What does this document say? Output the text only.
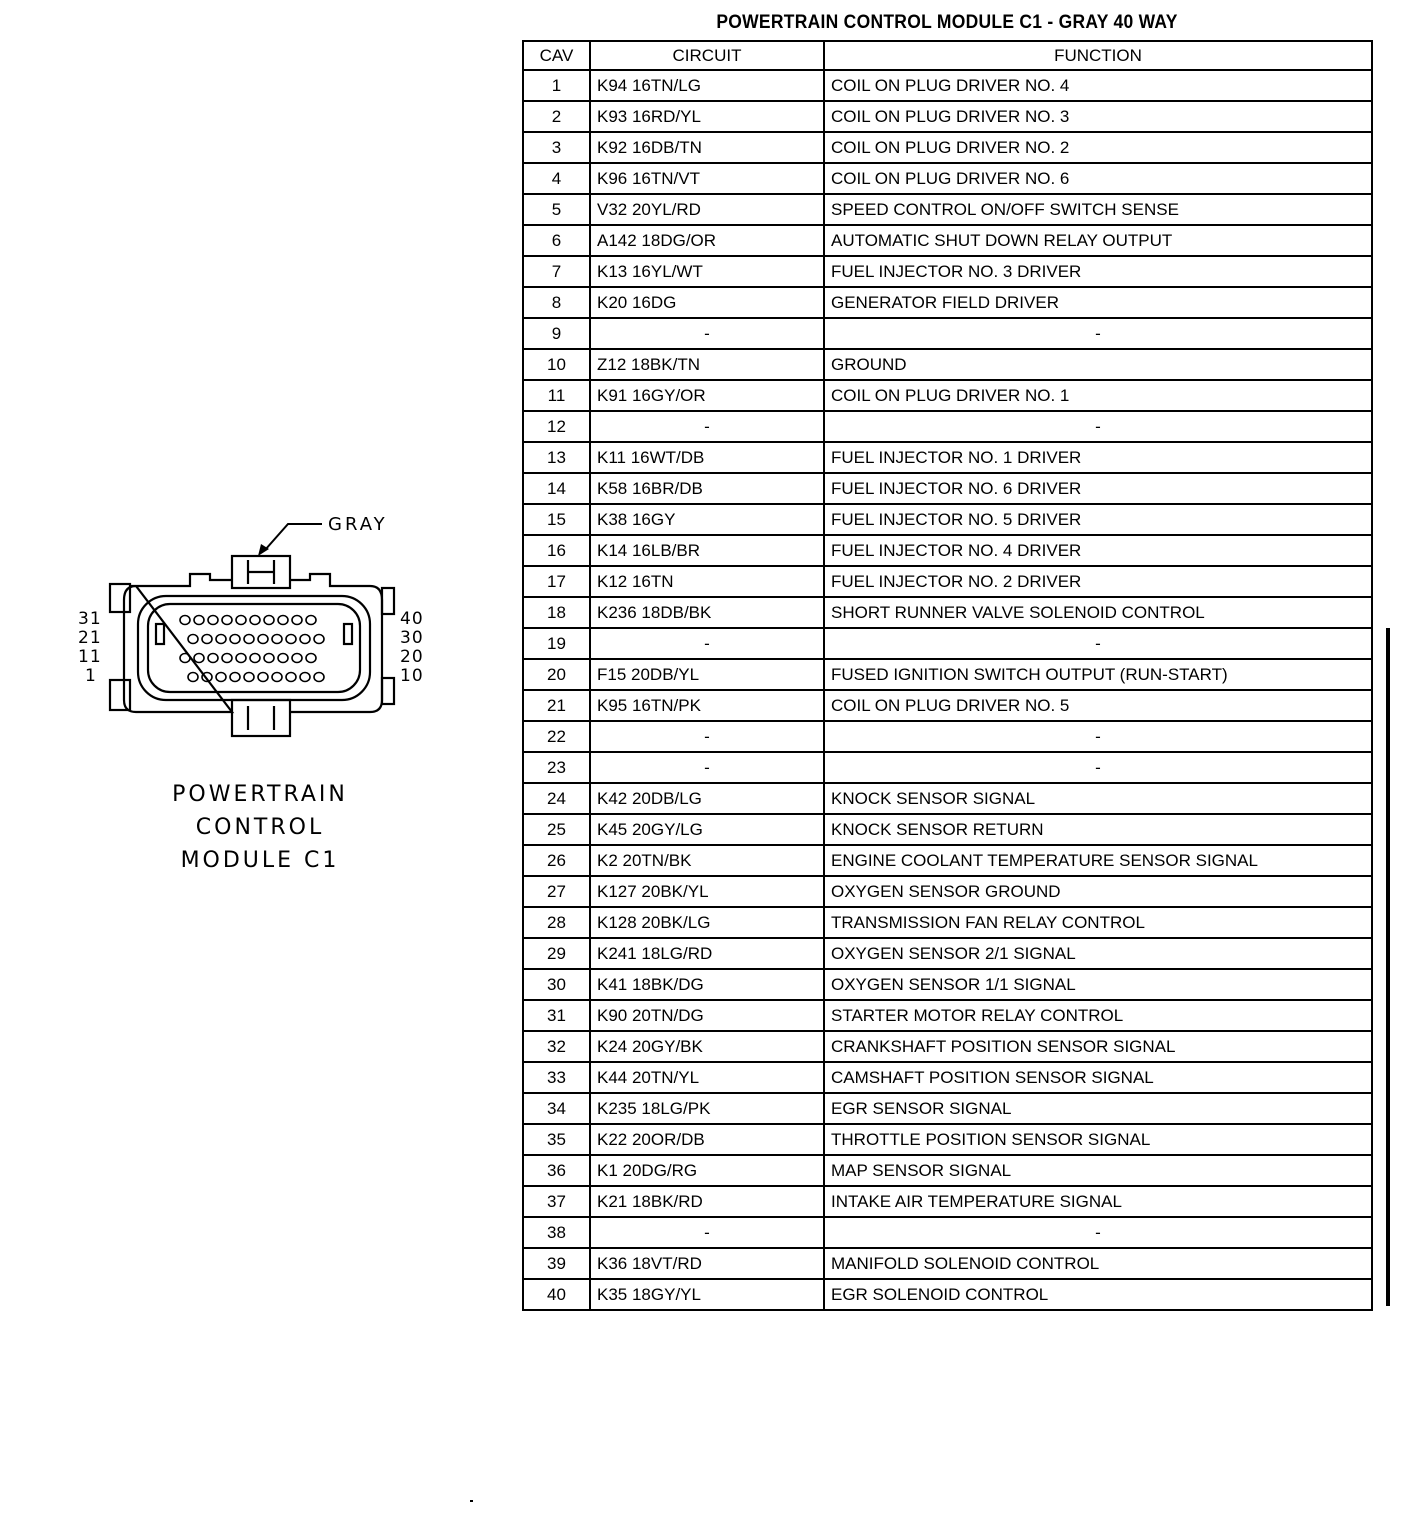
GRAY
31
21
11
1
40
30
20
10
POWERTRAIN
CONTROL
MODULE C1
POWERTRAIN CONTROL MODULE C1 - GRAY 40 WAY
CAV	CIRCUIT	FUNCTION
1	K94 16TN/LG	COIL ON PLUG DRIVER NO. 4
2	K93 16RD/YL	COIL ON PLUG DRIVER NO. 3
3	K92 16DB/TN	COIL ON PLUG DRIVER NO. 2
4	K96 16TN/VT	COIL ON PLUG DRIVER NO. 6
5	V32 20YL/RD	SPEED CONTROL ON/OFF SWITCH SENSE
6	A142 18DG/OR	AUTOMATIC SHUT DOWN RELAY OUTPUT
7	K13 16YL/WT	FUEL INJECTOR NO. 3 DRIVER
8	K20 16DG	GENERATOR FIELD DRIVER
9	-	-
10	Z12 18BK/TN	GROUND
11	K91 16GY/OR	COIL ON PLUG DRIVER NO. 1
12	-	-
13	K11 16WT/DB	FUEL INJECTOR NO. 1 DRIVER
14	K58 16BR/DB	FUEL INJECTOR NO. 6 DRIVER
15	K38 16GY	FUEL INJECTOR NO. 5 DRIVER
16	K14 16LB/BR	FUEL INJECTOR NO. 4 DRIVER
17	K12 16TN	FUEL INJECTOR NO. 2 DRIVER
18	K236 18DB/BK	SHORT RUNNER VALVE SOLENOID CONTROL
19	-	-
20	F15 20DB/YL	FUSED IGNITION SWITCH OUTPUT (RUN-START)
21	K95 16TN/PK	COIL ON PLUG DRIVER NO. 5
22	-	-
23	-	-
24	K42 20DB/LG	KNOCK SENSOR SIGNAL
25	K45 20GY/LG	KNOCK SENSOR RETURN
26	K2 20TN/BK	ENGINE COOLANT TEMPERATURE SENSOR SIGNAL
27	K127 20BK/YL	OXYGEN SENSOR GROUND
28	K128 20BK/LG	TRANSMISSION FAN RELAY CONTROL
29	K241 18LG/RD	OXYGEN SENSOR 2/1 SIGNAL
30	K41 18BK/DG	OXYGEN SENSOR 1/1 SIGNAL
31	K90 20TN/DG	STARTER MOTOR RELAY CONTROL
32	K24 20GY/BK	CRANKSHAFT POSITION SENSOR SIGNAL
33	K44 20TN/YL	CAMSHAFT POSITION SENSOR SIGNAL
34	K235 18LG/PK	EGR SENSOR SIGNAL
35	K22 20OR/DB	THROTTLE POSITION SENSOR SIGNAL
36	K1 20DG/RG	MAP SENSOR SIGNAL
37	K21 18BK/RD	INTAKE AIR TEMPERATURE SIGNAL
38	-	-
39	K36 18VT/RD	MANIFOLD SOLENOID CONTROL
40	K35 18GY/YL	EGR SOLENOID CONTROL
